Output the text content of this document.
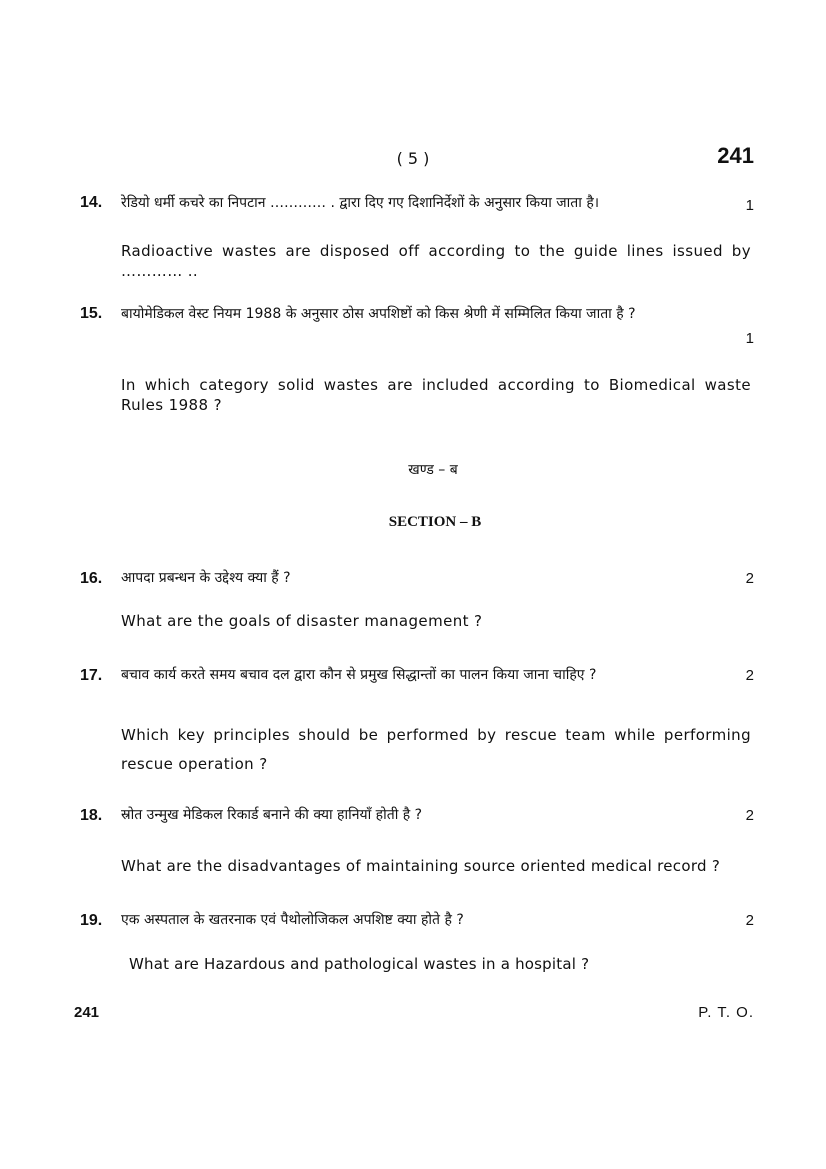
( 5 )	241
14. रेडियो धर्मी कचरे का निपटान ………… . द्वारा दिए गए दिशानिर्देशों के अनुसार किया जाता है।	1
Radioactive wastes are disposed off according to the guide lines issued by ………… ..
15. बायोमेडिकल वेस्ट नियम 1988 के अनुसार ठोस अपशिष्टों को किस श्रेणी में सम्मिलित किया जाता है ?
1
In which category solid wastes are included according to Biomedical waste Rules 1988 ?
खण्ड – ब
SECTION – B
16. आपदा प्रबन्धन के उद्देश्य क्या हैं ?	2
What are the goals of disaster management ?
17. बचाव कार्य करते समय बचाव दल द्वारा कौन से प्रमुख सिद्धान्तों का पालन किया जाना चाहिए ?	2
Which key principles should be performed by rescue team while performing rescue operation ?
18. स्रोत उन्मुख मेडिकल रिकार्ड बनाने की क्या हानियाँ होती है ?	2
What are the disadvantages of maintaining source oriented medical record ?
19. एक अस्पताल के खतरनाक एवं पैथोलोजिकल अपशिष्ट क्या होते है ?	2
What are Hazardous and pathological wastes in a hospital ?
241	P. T. O.
